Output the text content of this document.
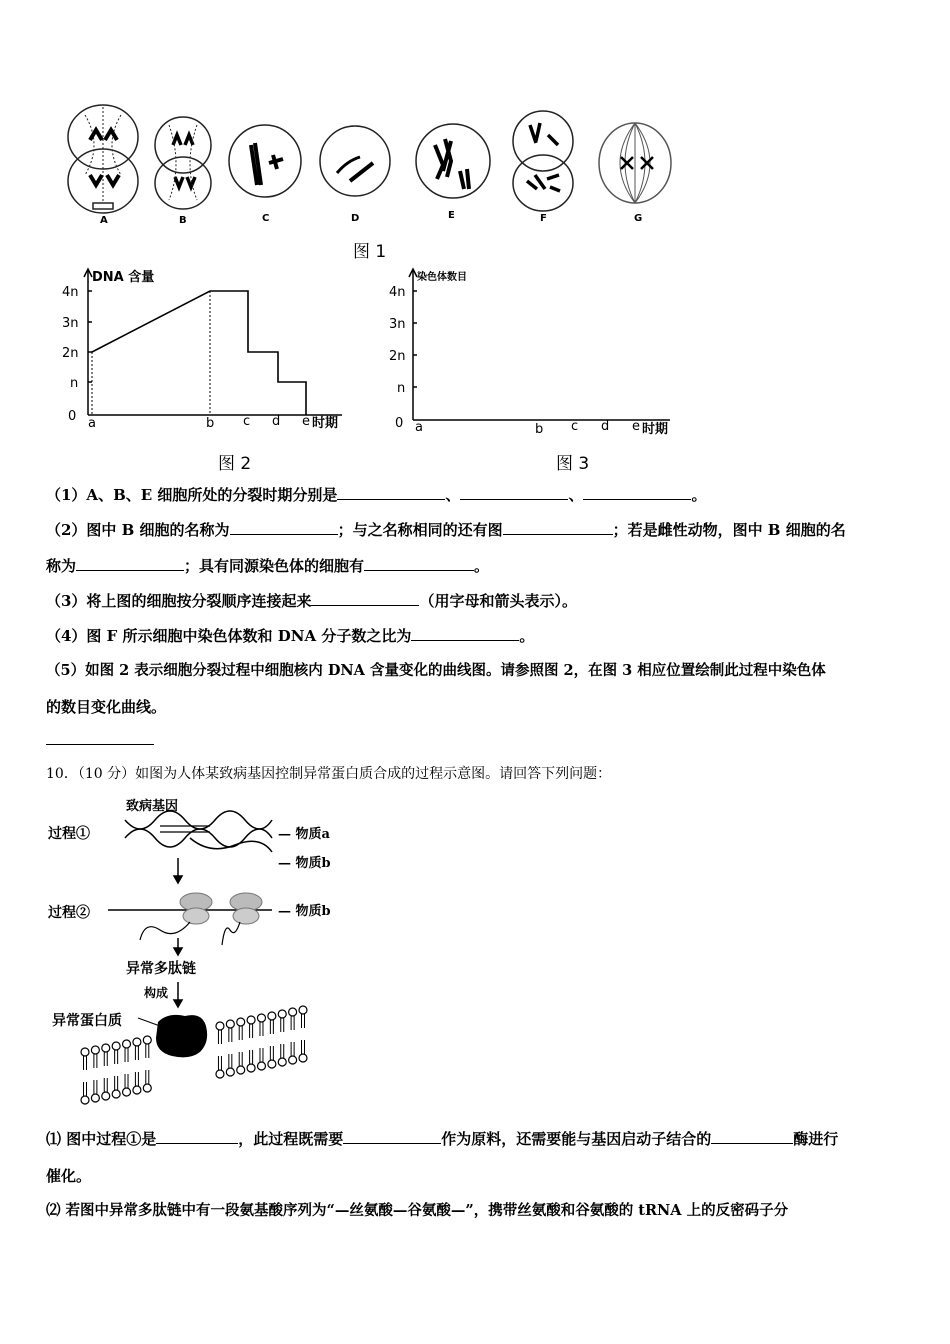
A	B	C	D	E	F	G
图 1
DNA 含量
4n
3n
2n
n
0 a	b c d e 时期
图 2
染色体数目
4n
3n
2n
n
0 a	b c d e 时期
图 3
（1）A、B、E 细胞所处的分裂时期分别是	、	、	。
（2）图中 B 细胞的名称为	；与之名称相同的还有图	；若是雌性动物，图中 B 细胞的名
称为	；具有同源染色体的细胞有	。
（3）将上图的细胞按分裂顺序连接起来	（用字母和箭头表示）。
（4）图 F 所示细胞中染色体数和 DNA 分子数之比为	。
（5）如图 2 表示细胞分裂过程中细胞核内 DNA 含量变化的曲线图。请参照图 2，在图 3 相应位置绘制此过程中染色体
的数目变化曲线。
10．（10 分）如图为人体某致病基因控制异常蛋白质合成的过程示意图。请回答下列问题：
致病基因
过程①	— 物质a
— 物质b
过程②	— 物质b
异常多肽链
构成
异常蛋白质
⑴ 图中过程①是	，此过程既需要	作为原料，还需要能与基因启动子结合的	酶进行
催化。
⑵ 若图中异常多肽链中有一段氨基酸序列为“—丝氨酸—谷氨酸—”，携带丝氨酸和谷氨酸的 tRNA 上的反密码子分
